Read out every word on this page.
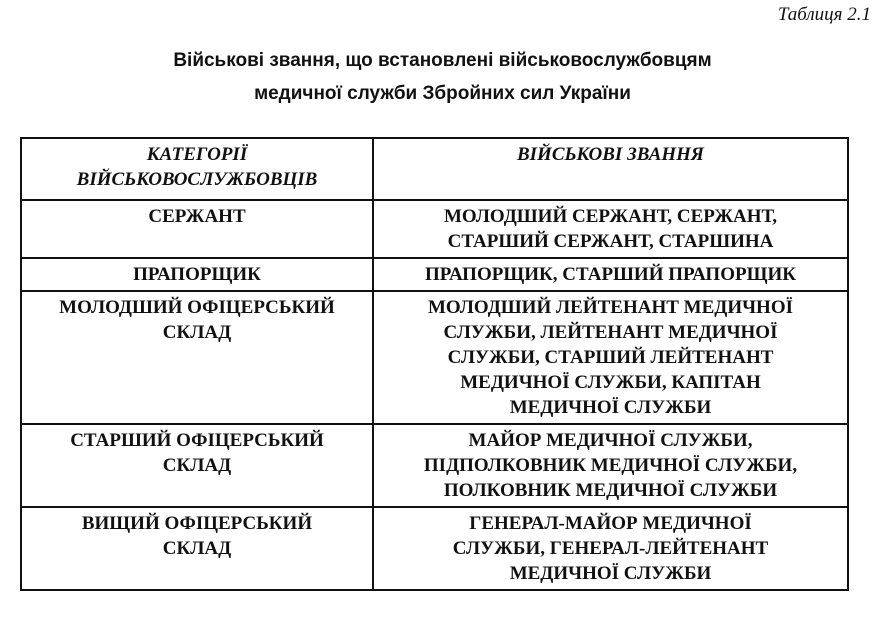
Таблиця 2.1
Військові звання, що встановлені військовослужбовцям
медичної служби Збройних сил України
КАТЕГОРІЇ
ВІЙСЬКОВОСЛУЖБОВЦІВ	ВІЙСЬКОВІ ЗВАННЯ

СЕРЖАНТ	МОЛОДШИЙ СЕРЖАНТ, СЕРЖАНТ,
СТАРШИЙ СЕРЖАНТ, СТАРШИНА

ПРАПОРЩИК	ПРАПОРЩИК, СТАРШИЙ ПРАПОРЩИК

МОЛОДШИЙ ОФІЦЕРСЬКИЙ
СКЛАД	МОЛОДШИЙ ЛЕЙТЕНАНТ МЕДИЧНОЇ
СЛУЖБИ, ЛЕЙТЕНАНТ МЕДИЧНОЇ
СЛУЖБИ, СТАРШИЙ ЛЕЙТЕНАНТ
МЕДИЧНОЇ СЛУЖБИ, КАПІТАН
МЕДИЧНОЇ СЛУЖБИ

СТАРШИЙ ОФІЦЕРСЬКИЙ
СКЛАД	МАЙОР МЕДИЧНОЇ СЛУЖБИ,
ПІДПОЛКОВНИК МЕДИЧНОЇ СЛУЖБИ,
ПОЛКОВНИК МЕДИЧНОЇ СЛУЖБИ

ВИЩИЙ ОФІЦЕРСЬКИЙ
СКЛАД	ГЕНЕРАЛ-МАЙОР МЕДИЧНОЇ
СЛУЖБИ, ГЕНЕРАЛ-ЛЕЙТЕНАНТ
МЕДИЧНОЇ СЛУЖБИ
